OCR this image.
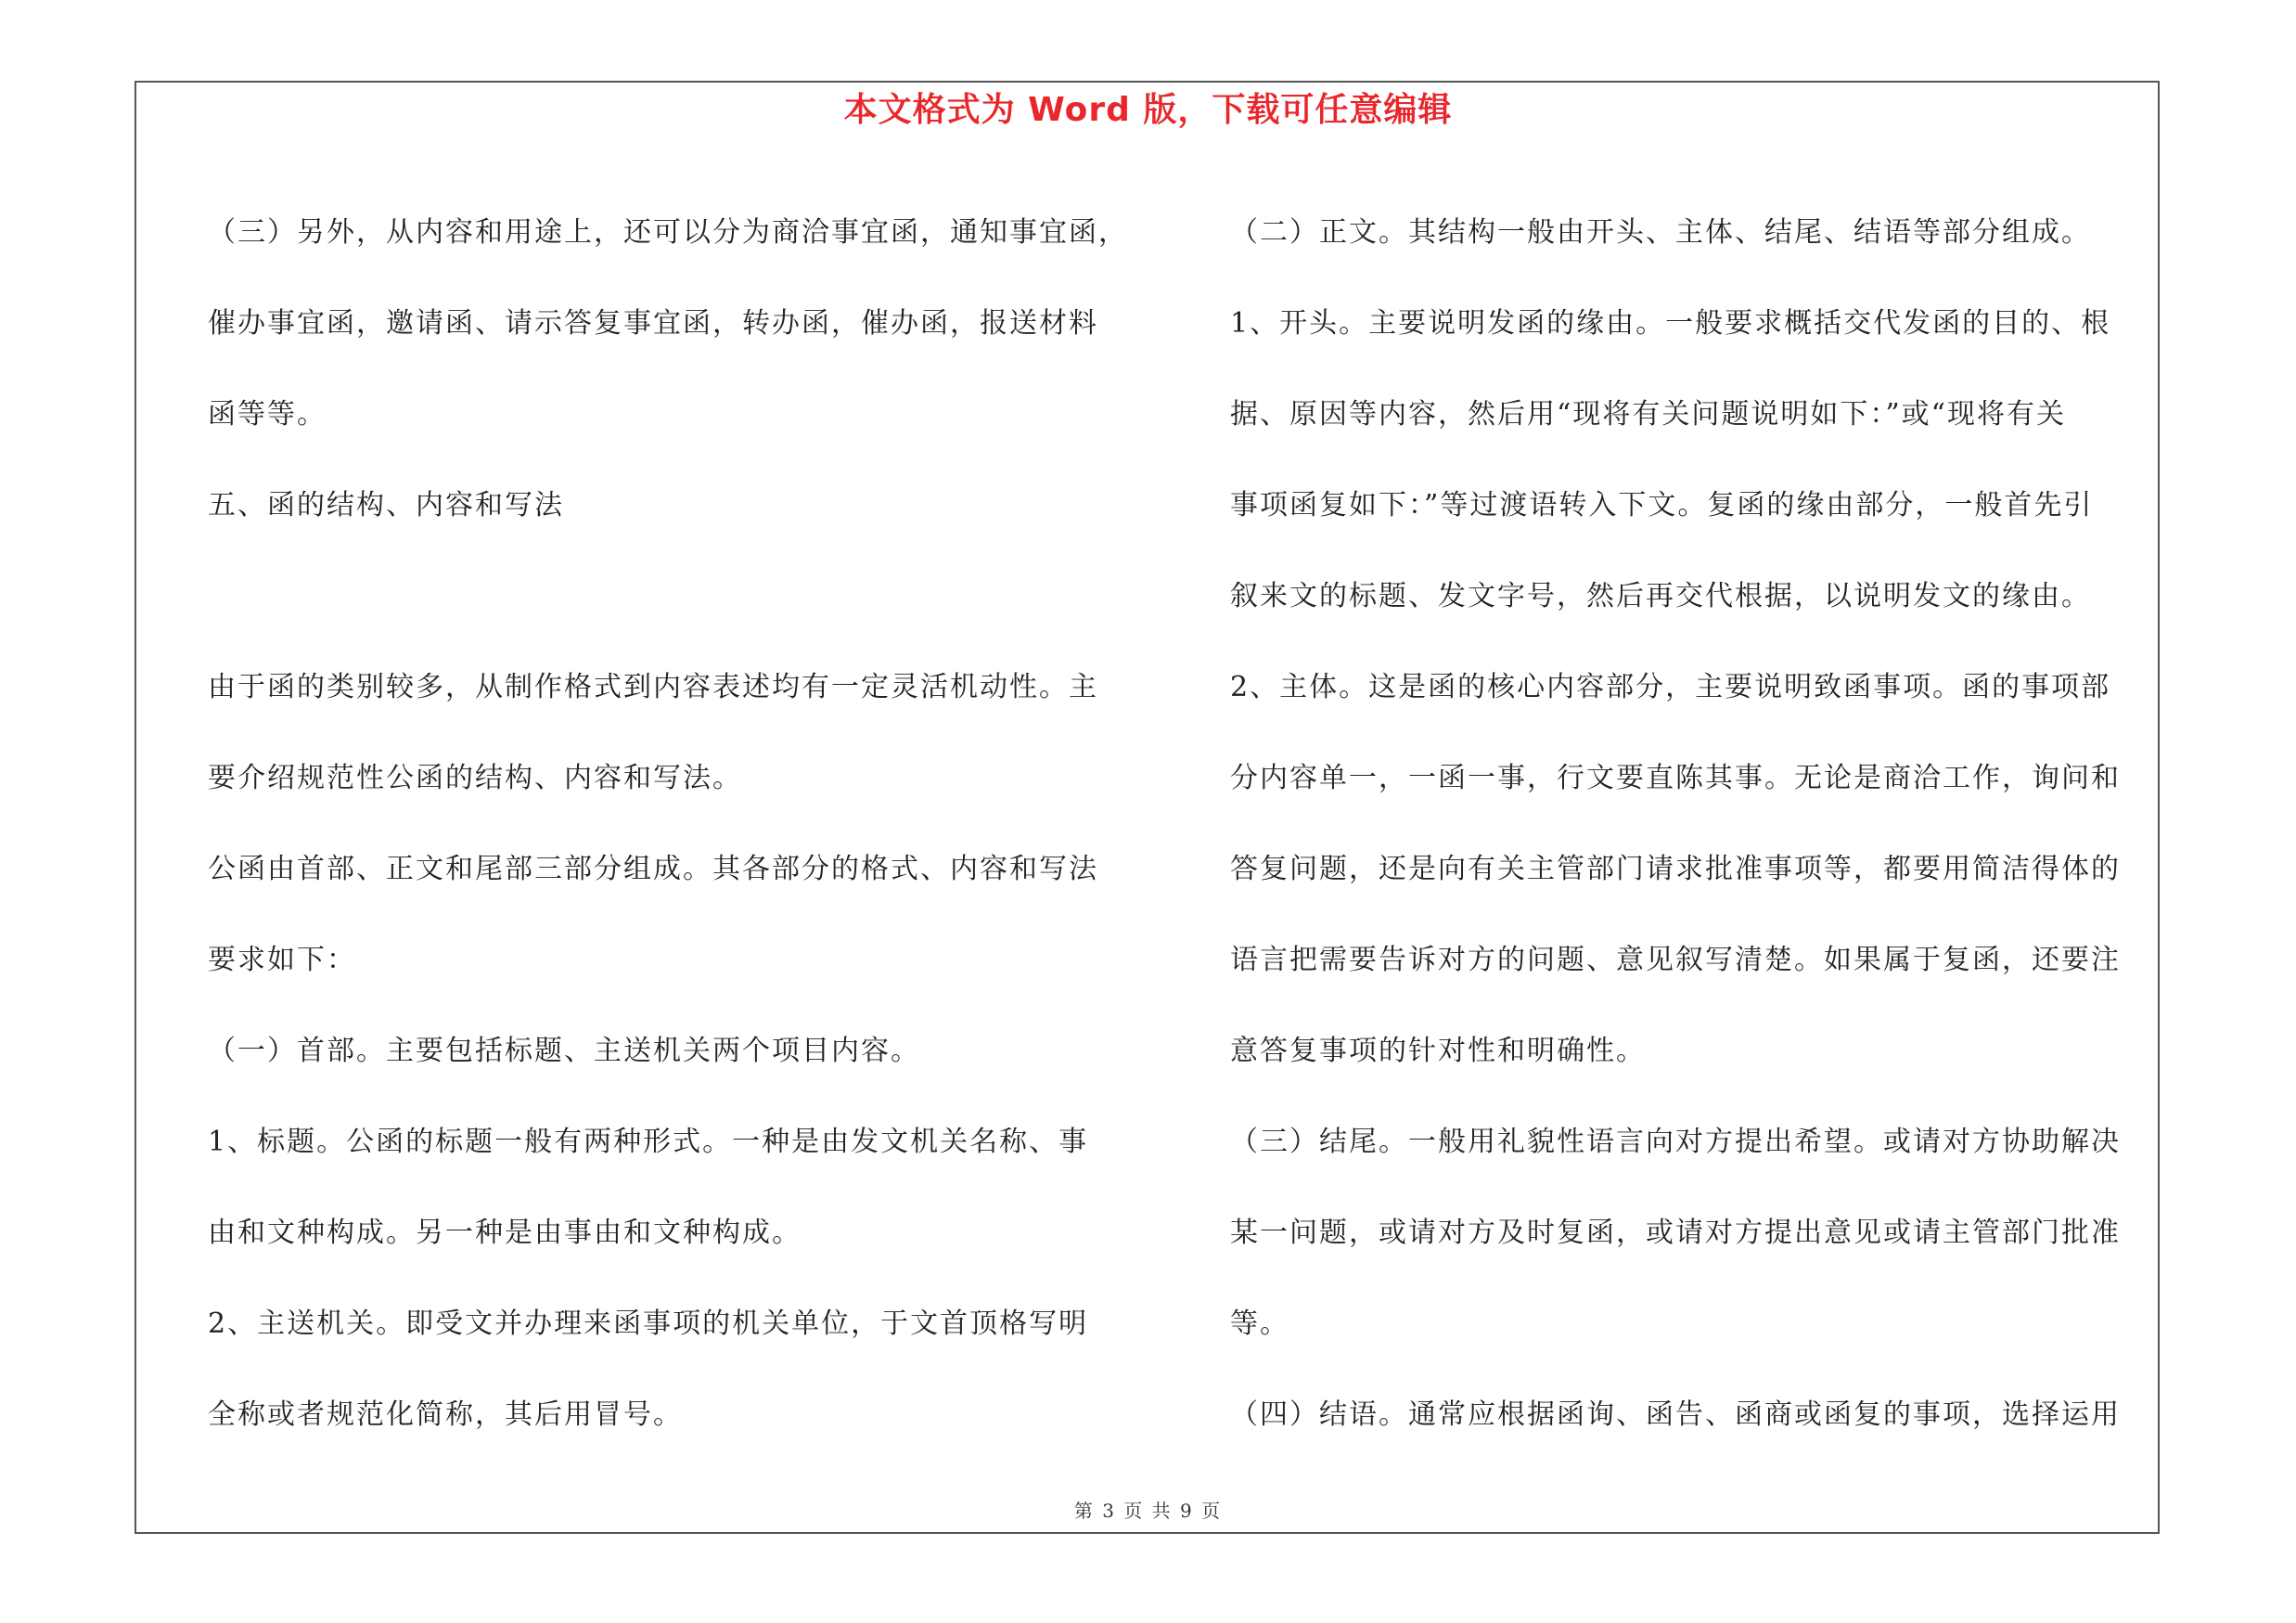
本文格式为 Word 版，下载可任意编辑

（三）另外，从内容和用途上，还可以分为商洽事宜函，通知事宜函，

催办事宜函，邀请函、请示答复事宜函，转办函，催办函，报送材料

函等等。

五、函的结构、内容和写法

由于函的类别较多，从制作格式到内容表述均有一定灵活机动性。主

要介绍规范性公函的结构、内容和写法。

公函由首部、正文和尾部三部分组成。其各部分的格式、内容和写法

要求如下：

（一）首部。主要包括标题、主送机关两个项目内容。

1、标题。公函的标题一般有两种形式。一种是由发文机关名称、事

由和文种构成。另一种是由事由和文种构成。

2、主送机关。即受文并办理来函事项的机关单位，于文首顶格写明

全称或者规范化简称，其后用冒号。

（二）正文。其结构一般由开头、主体、结尾、结语等部分组成。

1、开头。主要说明发函的缘由。一般要求概括交代发函的目的、根

据、原因等内容，然后用“现将有关问题说明如下：”或“现将有关

事项函复如下：”等过渡语转入下文。复函的缘由部分，一般首先引

叙来文的标题、发文字号，然后再交代根据，以说明发文的缘由。

2、主体。这是函的核心内容部分，主要说明致函事项。函的事项部

分内容单一，一函一事，行文要直陈其事。无论是商洽工作，询问和

答复问题，还是向有关主管部门请求批准事项等，都要用简洁得体的

语言把需要告诉对方的问题、意见叙写清楚。如果属于复函，还要注

意答复事项的针对性和明确性。

（三）结尾。一般用礼貌性语言向对方提出希望。或请对方协助解决

某一问题，或请对方及时复函，或请对方提出意见或请主管部门批准

等。

（四）结语。通常应根据函询、函告、函商或函复的事项，选择运用

第 3 页 共 9 页
